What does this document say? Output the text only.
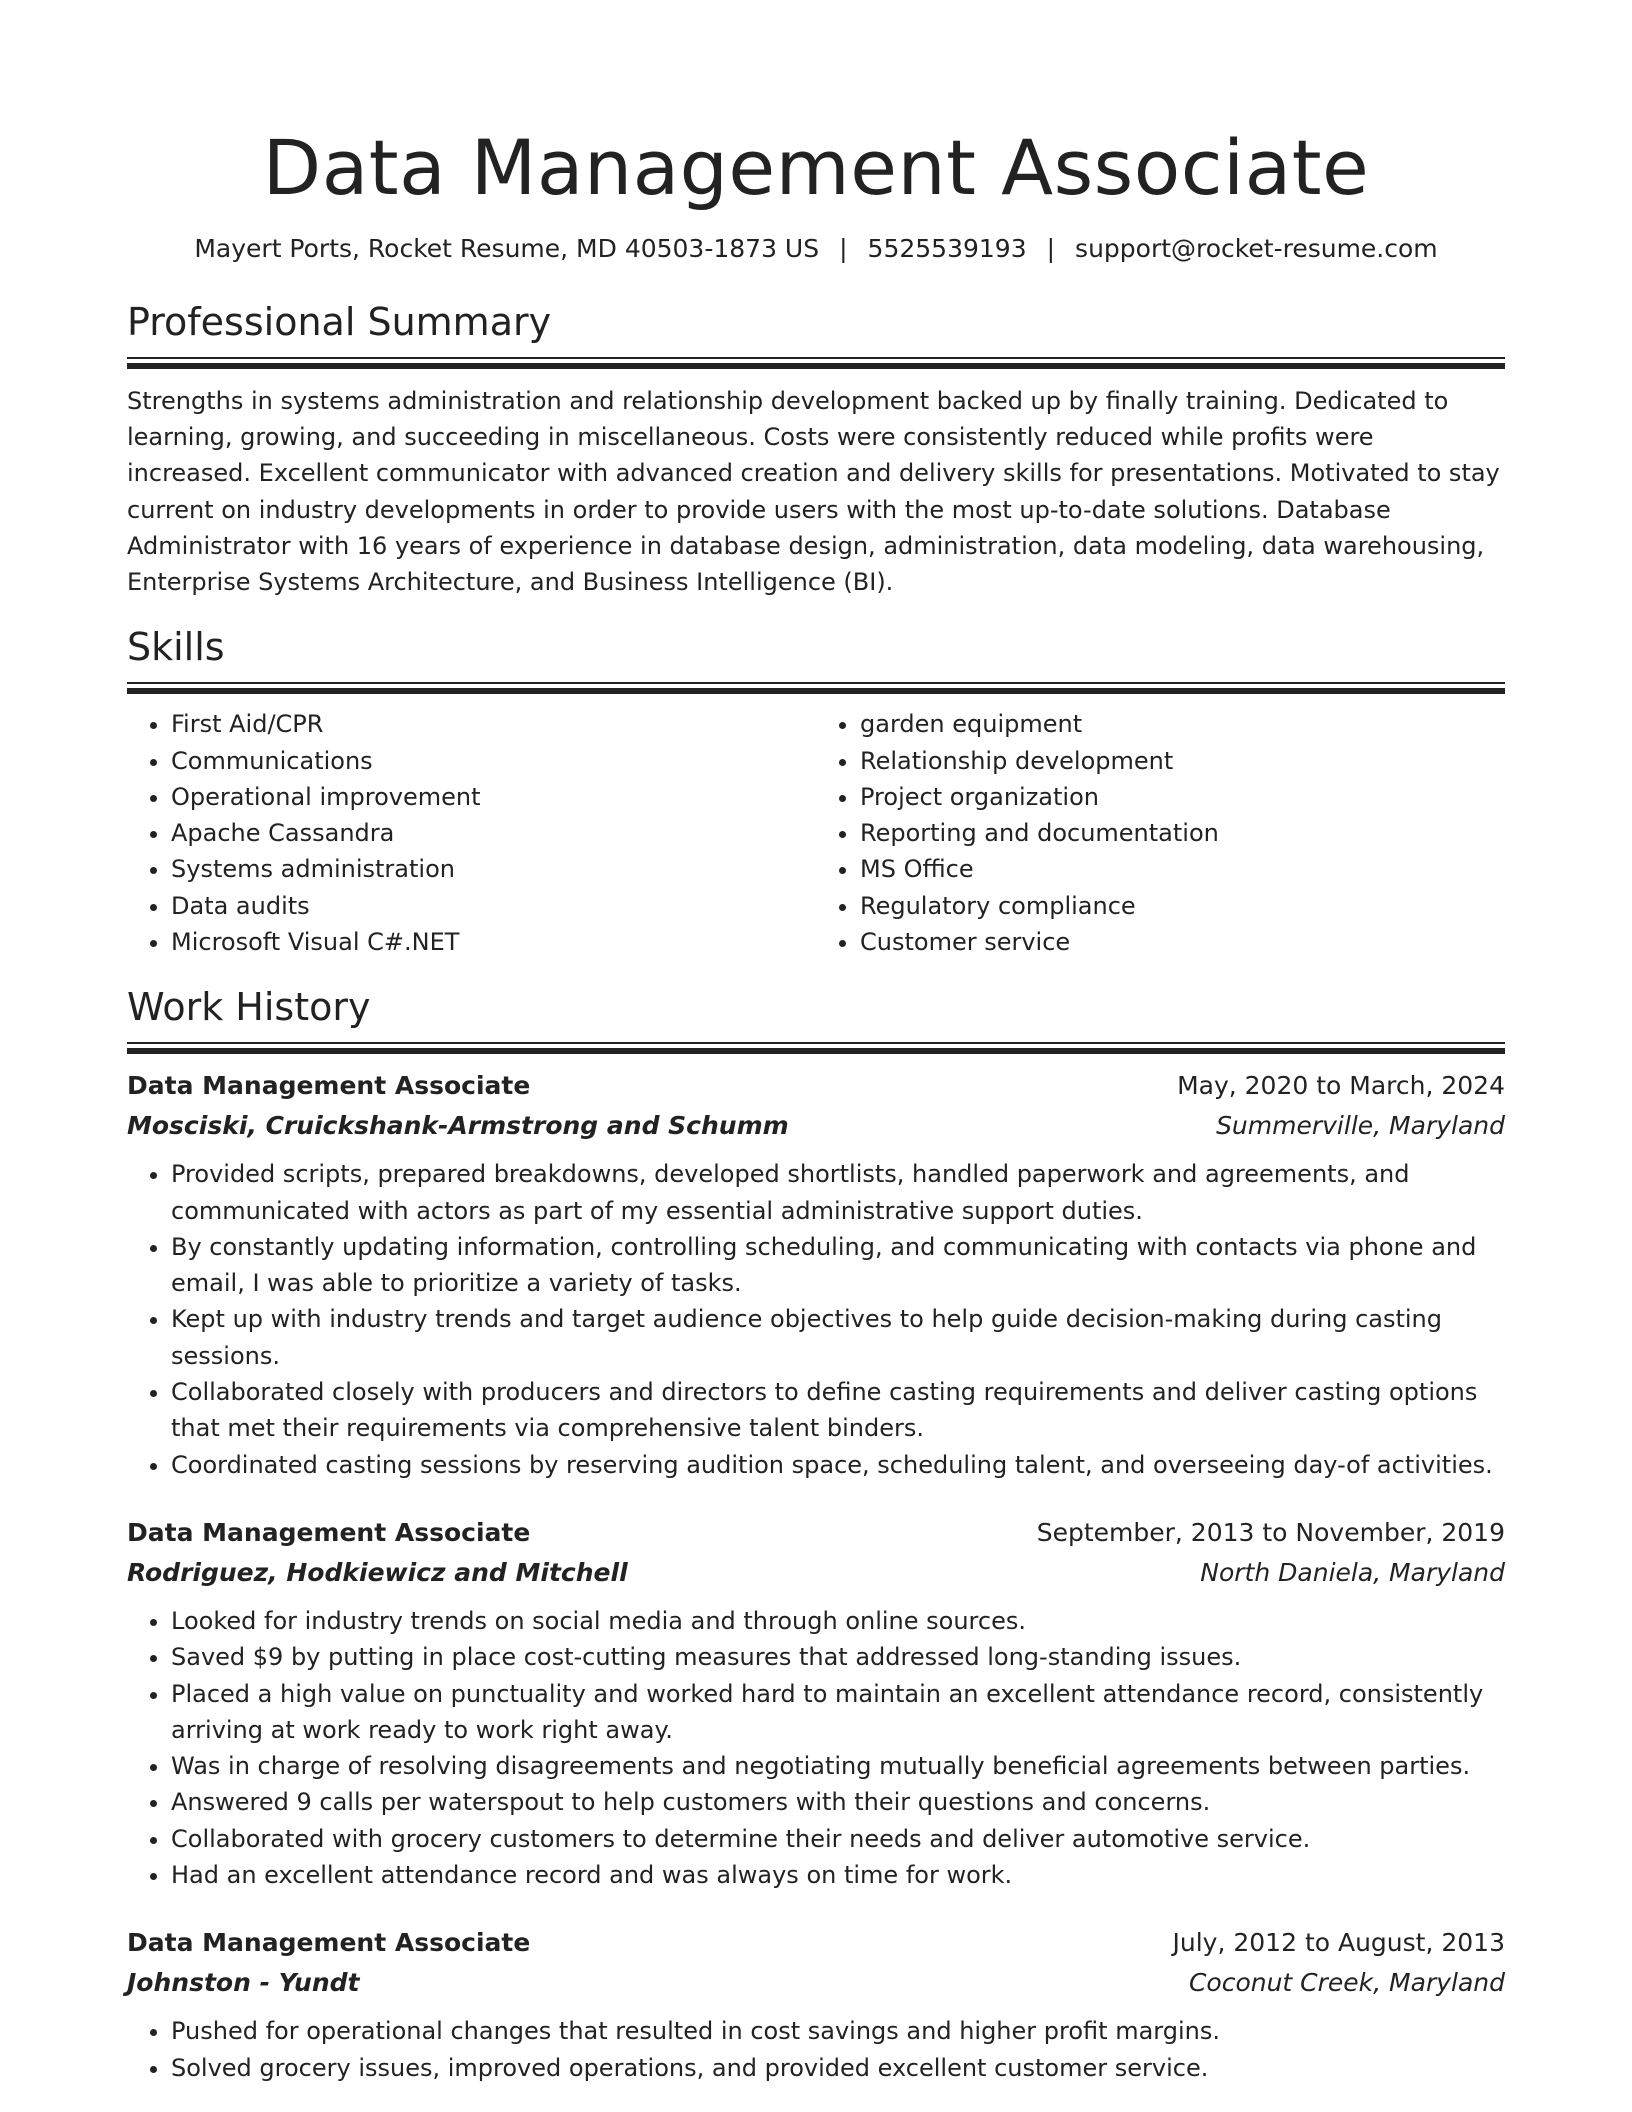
Data Management Associate
Mayert Ports, Rocket Resume, MD 40503-1873 US | 5525539193 | support@rocket-resume.com
Professional Summary

Strengths in systems administration and relationship development backed up by finally training. Dedicated to learning, growing, and succeeding in miscellaneous. Costs were consistently reduced while profits were increased. Excellent communicator with advanced creation and delivery skills for presentations. Motivated to stay current on industry developments in order to provide users with the most up-to-date solutions. Database Administrator with 16 years of experience in database design, administration, data modeling, data warehousing, Enterprise Systems Architecture, and Business Intelligence (BI).

Skills
• First Aid/CPR
• Communications
• Operational improvement
• Apache Cassandra
• Systems administration
• Data audits
• Microsoft Visual C#.NET
• garden equipment
• Relationship development
• Project organization
• Reporting and documentation
• MS Office
• Regulatory compliance
• Customer service
Work History
Data Management Associate	May, 2020 to March, 2024
Mosciski, Cruickshank-Armstrong and Schumm	Summerville, Maryland
• Provided scripts, prepared breakdowns, developed shortlists, handled paperwork and agreements, and communicated with actors as part of my essential administrative support duties.
• By constantly updating information, controlling scheduling, and communicating with contacts via phone and email, I was able to prioritize a variety of tasks.
• Kept up with industry trends and target audience objectives to help guide decision-making during casting sessions.
• Collaborated closely with producers and directors to define casting requirements and deliver casting options that met their requirements via comprehensive talent binders.
• Coordinated casting sessions by reserving audition space, scheduling talent, and overseeing day-of activities.
Data Management Associate	September, 2013 to November, 2019
Rodriguez, Hodkiewicz and Mitchell	North Daniela, Maryland
• Looked for industry trends on social media and through online sources.
• Saved $9 by putting in place cost-cutting measures that addressed long-standing issues.
• Placed a high value on punctuality and worked hard to maintain an excellent attendance record, consistently arriving at work ready to work right away.
• Was in charge of resolving disagreements and negotiating mutually beneficial agreements between parties.
• Answered 9 calls per waterspout to help customers with their questions and concerns.
• Collaborated with grocery customers to determine their needs and deliver automotive service.
• Had an excellent attendance record and was always on time for work.
Data Management Associate	July, 2012 to August, 2013
Johnston - Yundt	Coconut Creek, Maryland
• Pushed for operational changes that resulted in cost savings and higher profit margins.
• Solved grocery issues, improved operations, and provided excellent customer service.
